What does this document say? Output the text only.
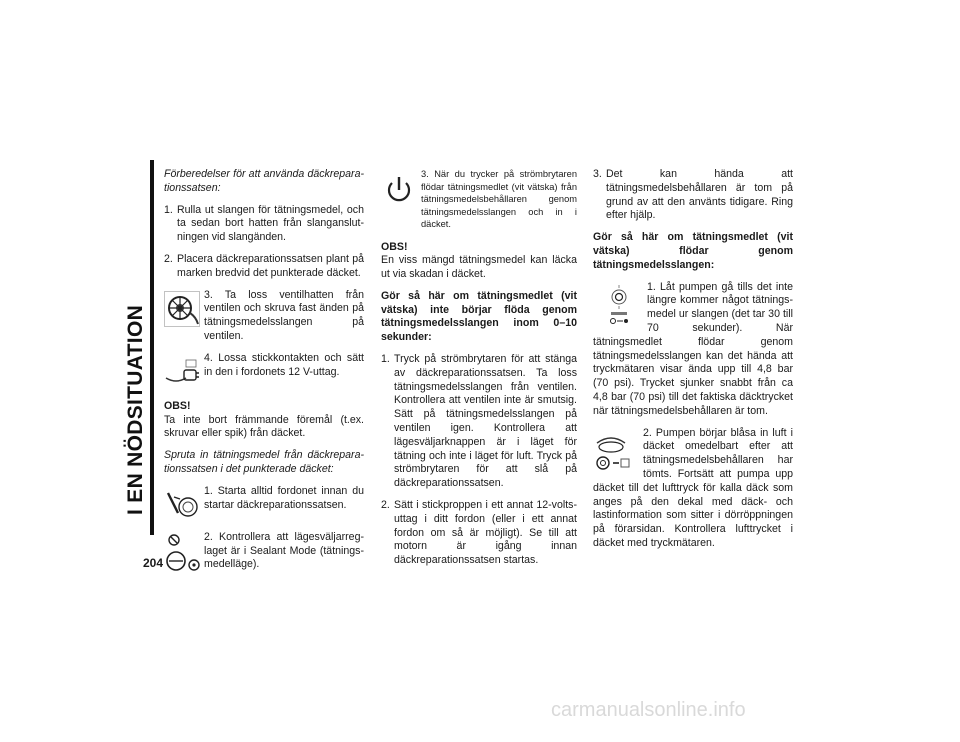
I EN NÖDSITUATION
204

Förberedelser för att använda däckreparationssatsen:

1. Rulla ut slangen för tätningsmedel, och ta sedan bort hatten från slanganslutningen vid slangänden.
2. Placera däckreparationssatsen plant på marken bredvid det punkterade däcket.
3. Ta loss ventilhatten från ventilen och skruva fast änden på tätningsmedelsslangen på ventilen.
4. Lossa stickkontakten och sätt in den i fordonets 12 V-uttag.

OBS!

Ta inte bort främmande föremål (t.ex. skruvar eller spik) från däcket.

Spruta in tätningsmedel från däckreparationssatsen i det punkterade däcket:

1. Starta alltid fordonet innan du startar däckreparationssatsen.
2. Kontrollera att lägesväljarreglaget är i Sealant Mode (tätningsmedelläge).
3. När du trycker på strömbrytaren flödar tätningsmedlet (vit vätska) från tätningsmedelsbehållaren genom tätningsmedelsslangen och in i däcket.

OBS!

En viss mängd tätningsmedel kan läcka ut via skadan i däcket.

Gör så här om tätningsmedlet (vit vätska) inte börjar flöda genom tätningsmedelsslangen inom 0–10 sekunder:

1. Tryck på strömbrytaren för att stänga av däckreparationssatsen. Ta loss tätningsmedelsslangen från ventilen. Kontrollera att ventilen inte är smutsig. Sätt på tätningsmedelsslangen på ventilen igen. Kontrollera att lägesväljarknappen är i läget för tätning och inte i läget för luft. Tryck på strömbrytaren för att slå på däckreparationssatsen.
2. Sätt i stickproppen i ett annat 12-voltsuttag i ditt fordon (eller i ett annat fordon om så är möjligt). Se till att motorn är igång innan däckreparationssatsen startas.
3. Det kan hända att tätningsmedelsbehållaren är tom på grund av att den använts tidigare. Ring efter hjälp.

Gör så här om tätningsmedlet (vit vätska) flödar genom tätningsmedelsslangen:

1. Låt pumpen gå tills det inte längre kommer något tätningsmedel ur slangen (det tar 30 till 70 sekunder). När tätningsmedlet flödar genom tätningsmedelsslangen kan det hända att tryckmätaren visar ända upp till 4,8 bar (70 psi). Trycket sjunker snabbt från ca 4,8 bar (70 psi) till det faktiska däcktrycket när tätningsmedelsbehållaren är tom.

2. Pumpen börjar blåsa in luft i däcket omedelbart efter att tätningsmedelsbehållaren har tömts. Fortsätt att pumpa upp däcket till det lufttryck för kalla däck som anges på den dekal med däck- och lastinformation som sitter i dörröppningen på förarsidan. Kontrollera lufttrycket i däcket med tryckmätaren.

carmanualsonline.info
